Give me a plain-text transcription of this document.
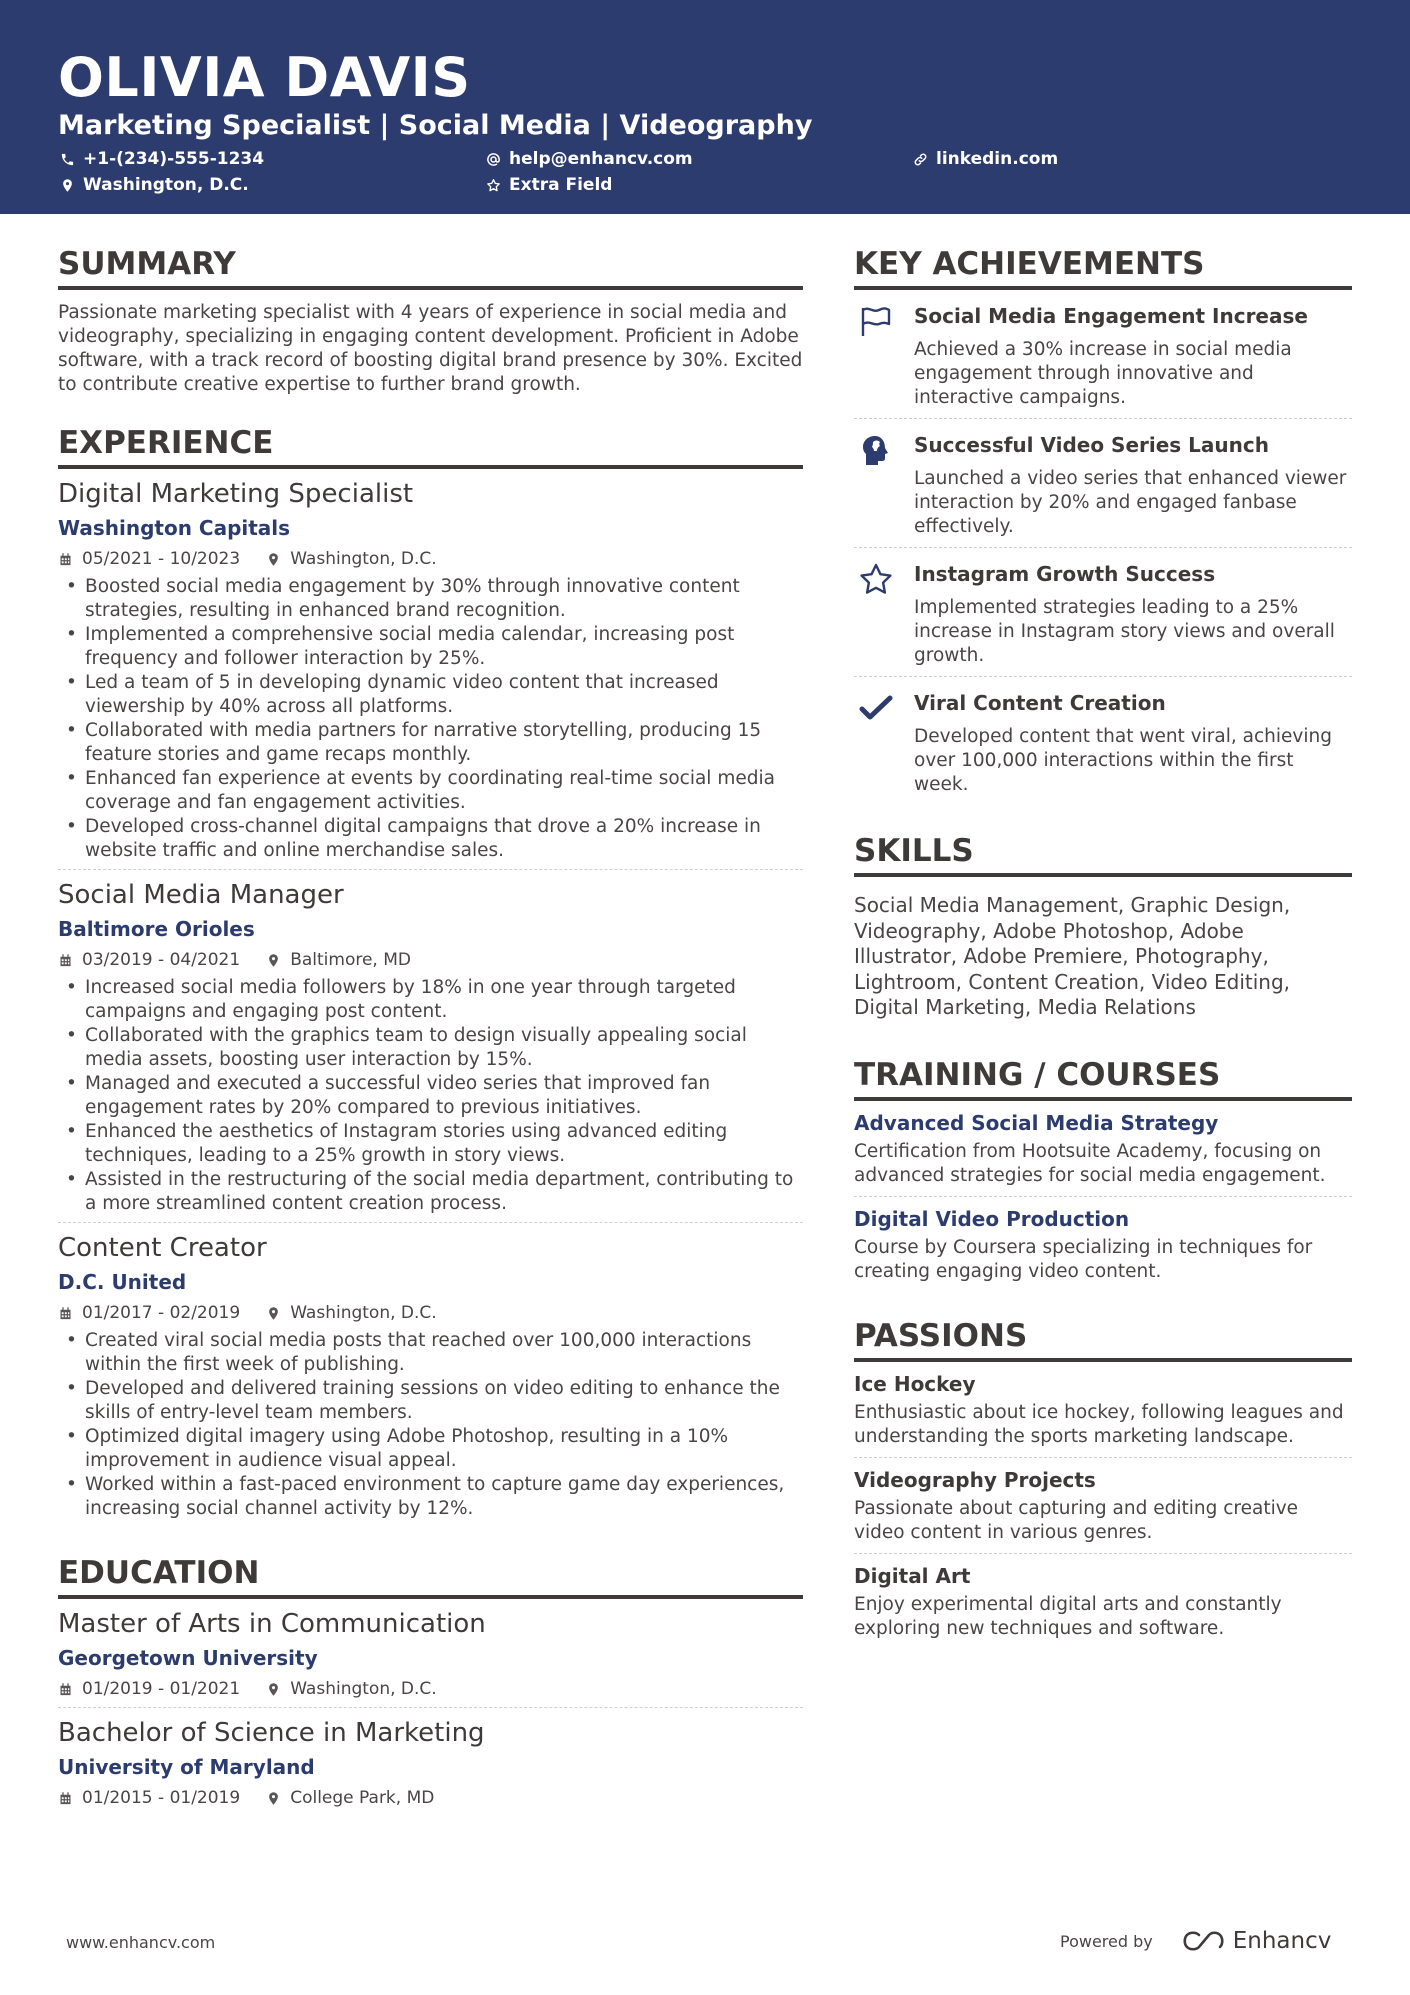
OLIVIA DAVIS
Marketing Specialist | Social Media | Videography
+1-(234)-555-1234	help@enhancv.com	linkedin.com
Washington, D.C.	Extra Field
SUMMARY
Passionate marketing specialist with 4 years of experience in social media and videography, specializing in engaging content development. Proficient in Adobe software, with a track record of boosting digital brand presence by 30%. Excited to contribute creative expertise to further brand growth.
EXPERIENCE
Digital Marketing Specialist
Washington Capitals
05/2021 - 10/2023	Washington, D.C.
• Boosted social media engagement by 30% through innovative content strategies, resulting in enhanced brand recognition.
• Implemented a comprehensive social media calendar, increasing post frequency and follower interaction by 25%.
• Led a team of 5 in developing dynamic video content that increased viewership by 40% across all platforms.
• Collaborated with media partners for narrative storytelling, producing 15 feature stories and game recaps monthly.
• Enhanced fan experience at events by coordinating real-time social media coverage and fan engagement activities.
• Developed cross-channel digital campaigns that drove a 20% increase in website traffic and online merchandise sales.
Social Media Manager
Baltimore Orioles
03/2019 - 04/2021	Baltimore, MD
• Increased social media followers by 18% in one year through targeted campaigns and engaging post content.
• Collaborated with the graphics team to design visually appealing social media assets, boosting user interaction by 15%.
• Managed and executed a successful video series that improved fan engagement rates by 20% compared to previous initiatives.
• Enhanced the aesthetics of Instagram stories using advanced editing techniques, leading to a 25% growth in story views.
• Assisted in the restructuring of the social media department, contributing to a more streamlined content creation process.
Content Creator
D.C. United
01/2017 - 02/2019	Washington, D.C.
• Created viral social media posts that reached over 100,000 interactions within the first week of publishing.
• Developed and delivered training sessions on video editing to enhance the skills of entry-level team members.
• Optimized digital imagery using Adobe Photoshop, resulting in a 10% improvement in audience visual appeal.
• Worked within a fast-paced environment to capture game day experiences, increasing social channel activity by 12%.
EDUCATION
Master of Arts in Communication
Georgetown University
01/2019 - 01/2021	Washington, D.C.
Bachelor of Science in Marketing
University of Maryland
01/2015 - 01/2019	College Park, MD
KEY ACHIEVEMENTS
Social Media Engagement Increase
Achieved a 30% increase in social media engagement through innovative and interactive campaigns.
Successful Video Series Launch
Launched a video series that enhanced viewer interaction by 20% and engaged fanbase effectively.
Instagram Growth Success
Implemented strategies leading to a 25% increase in Instagram story views and overall growth.
Viral Content Creation
Developed content that went viral, achieving over 100,000 interactions within the first week.
SKILLS
Social Media Management, Graphic Design, Videography, Adobe Photoshop, Adobe Illustrator, Adobe Premiere, Photography, Lightroom, Content Creation, Video Editing, Digital Marketing, Media Relations
TRAINING / COURSES
Advanced Social Media Strategy
Certification from Hootsuite Academy, focusing on advanced strategies for social media engagement.
Digital Video Production
Course by Coursera specializing in techniques for creating engaging video content.
PASSIONS
Ice Hockey
Enthusiastic about ice hockey, following leagues and understanding the sports marketing landscape.
Videography Projects
Passionate about capturing and editing creative video content in various genres.
Digital Art
Enjoy experimental digital arts and constantly exploring new techniques and software.
www.enhancv.com	Powered by	Enhancv
